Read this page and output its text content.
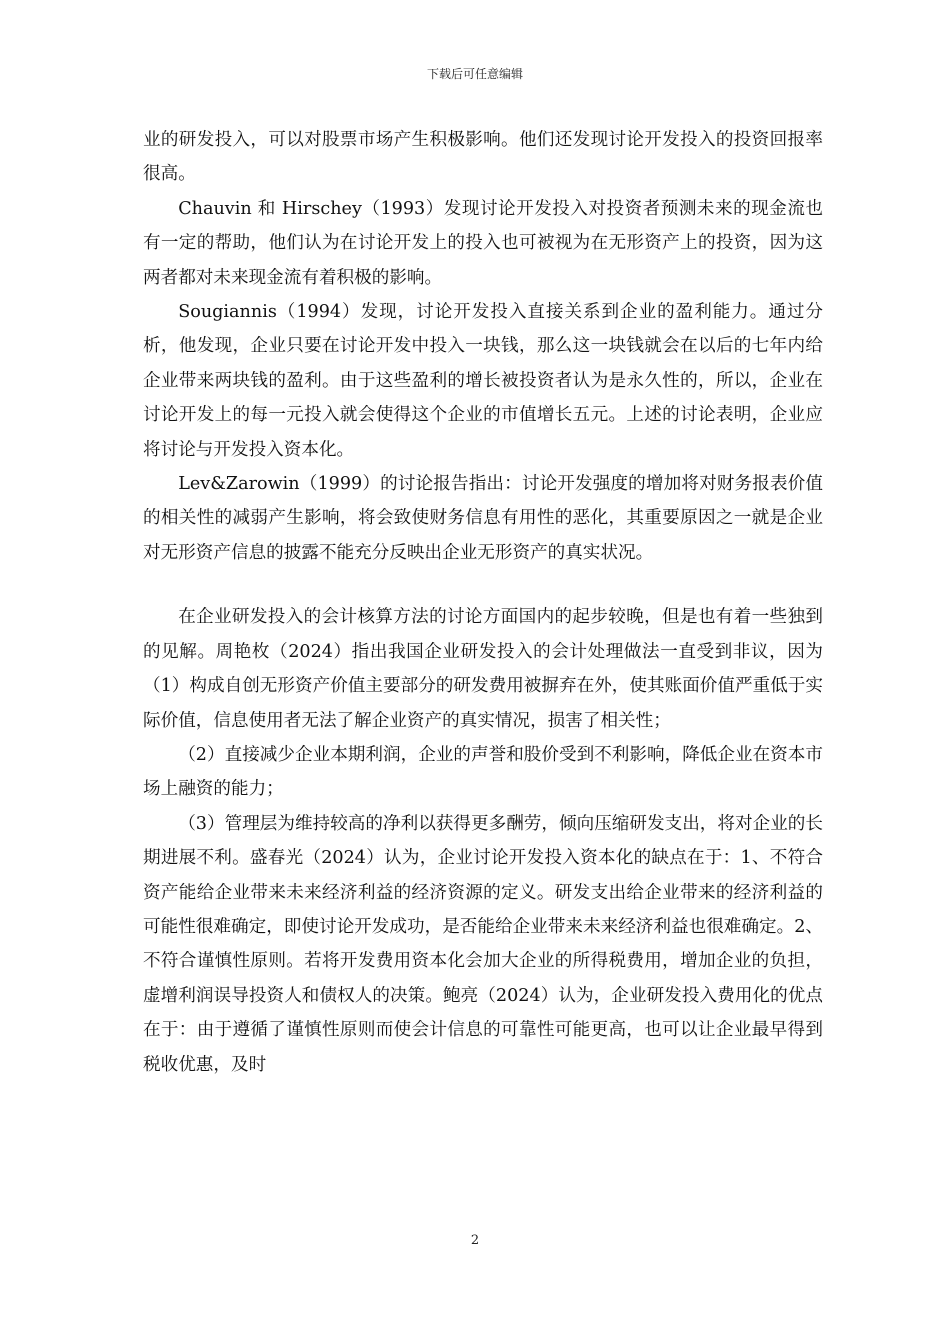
下载后可任意编辑

业的研发投入，可以对股票市场产生积极影响。他们还发现讨论开发投入的投资回报率很高。

Chauvin 和 Hirschey（1993）发现讨论开发投入对投资者预测未来的现金流也有一定的帮助，他们认为在讨论开发上的投入也可被视为在无形资产上的投资，因为这两者都对未来现金流有着积极的影响。

Sougiannis（1994）发现，讨论开发投入直接关系到企业的盈利能力。通过分析，他发现，企业只要在讨论开发中投入一块钱，那么这一块钱就会在以后的七年内给企业带来两块钱的盈利。由于这些盈利的增长被投资者认为是永久性的，所以，企业在讨论开发上的每一元投入就会使得这个企业的市值增长五元。上述的讨论表明，企业应将讨论与开发投入资本化。

Lev&Zarowin（1999）的讨论报告指出：讨论开发强度的增加将对财务报表价值的相关性的减弱产生影响，将会致使财务信息有用性的恶化，其重要原因之一就是企业对无形资产信息的披露不能充分反映出企业无形资产的真实状况。

在企业研发投入的会计核算方法的讨论方面国内的起步较晚，但是也有着一些独到的见解。周艳枚（2024）指出我国企业研发投入的会计处理做法一直受到非议，因为（1）构成自创无形资产价值主要部分的研发费用被摒弃在外，使其账面价值严重低于实际价值，信息使用者无法了解企业资产的真实情况，损害了相关性；

（2）直接减少企业本期利润，企业的声誉和股价受到不利影响，降低企业在资本市场上融资的能力；

（3）管理层为维持较高的净利以获得更多酬劳，倾向压缩研发支出，将对企业的长期进展不利。盛春光（2024）认为，企业讨论开发投入资本化的缺点在于：1、不符合资产能给企业带来未来经济利益的经济资源的定义。研发支出给企业带来的经济利益的可能性很难确定，即使讨论开发成功，是否能给企业带来未来经济利益也很难确定。2、不符合谨慎性原则。若将开发费用资本化会加大企业的所得税费用，增加企业的负担，虚增利润误导投资人和债权人的决策。鲍亮（2024）认为，企业研发投入费用化的优点在于：由于遵循了谨慎性原则而使会计信息的可靠性可能更高，也可以让企业最早得到税收优惠，及时

2
